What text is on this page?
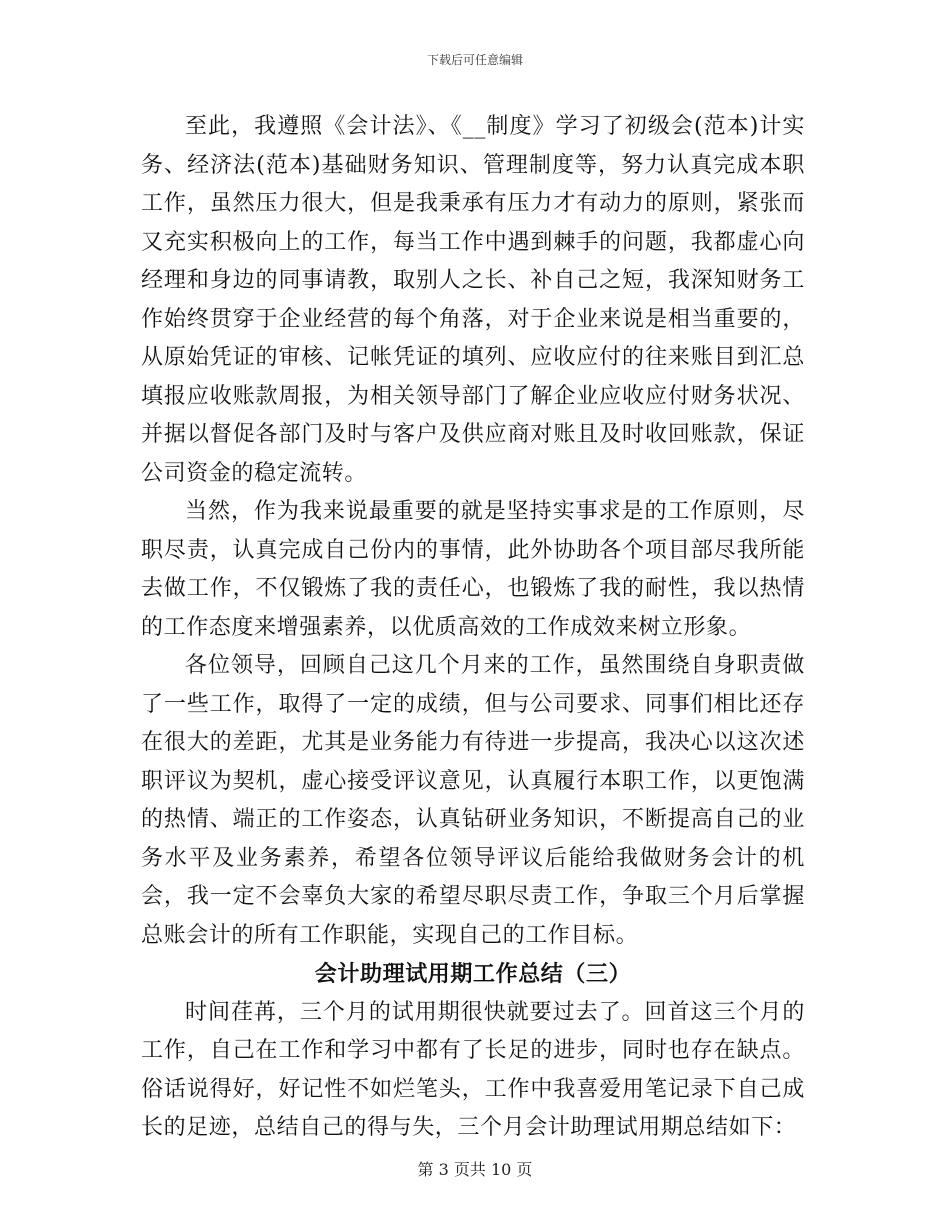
下载后可任意编辑

至此，我遵照《会计法》、《__制度》学习了初级会(范本)计实务、经济法(范本)基础财务知识、管理制度等，努力认真完成本职工作，虽然压力很大，但是我秉承有压力才有动力的原则，紧张而又充实积极向上的工作，每当工作中遇到棘手的问题，我都虚心向经理和身边的同事请教，取别人之长、补自己之短，我深知财务工作始终贯穿于企业经营的每个角落，对于企业来说是相当重要的，从原始凭证的审核、记帐凭证的填列、应收应付的往来账目到汇总填报应收账款周报，为相关领导部门了解企业应收应付财务状况、并据以督促各部门及时与客户及供应商对账且及时收回账款，保证公司资金的稳定流转。

当然，作为我来说最重要的就是坚持实事求是的工作原则，尽职尽责，认真完成自己份内的事情，此外协助各个项目部尽我所能去做工作，不仅锻炼了我的责任心，也锻炼了我的耐性，我以热情的工作态度来增强素养，以优质高效的工作成效来树立形象。

各位领导，回顾自己这几个月来的工作，虽然围绕自身职责做了一些工作，取得了一定的成绩，但与公司要求、同事们相比还存在很大的差距，尤其是业务能力有待进一步提高，我决心以这次述职评议为契机，虚心接受评议意见，认真履行本职工作，以更饱满的热情、端正的工作姿态，认真钻研业务知识，不断提高自己的业务水平及业务素养，希望各位领导评议后能给我做财务会计的机会，我一定不会辜负大家的希望尽职尽责工作，争取三个月后掌握总账会计的所有工作职能，实现自己的工作目标。

会计助理试用期工作总结（三）

时间荏苒，三个月的试用期很快就要过去了。回首这三个月的工作，自己在工作和学习中都有了长足的进步，同时也存在缺点。俗话说得好，好记性不如烂笔头，工作中我喜爱用笔记录下自己成长的足迹，总结自己的得与失，三个月会计助理试用期总结如下：

第 3 页共 10 页
